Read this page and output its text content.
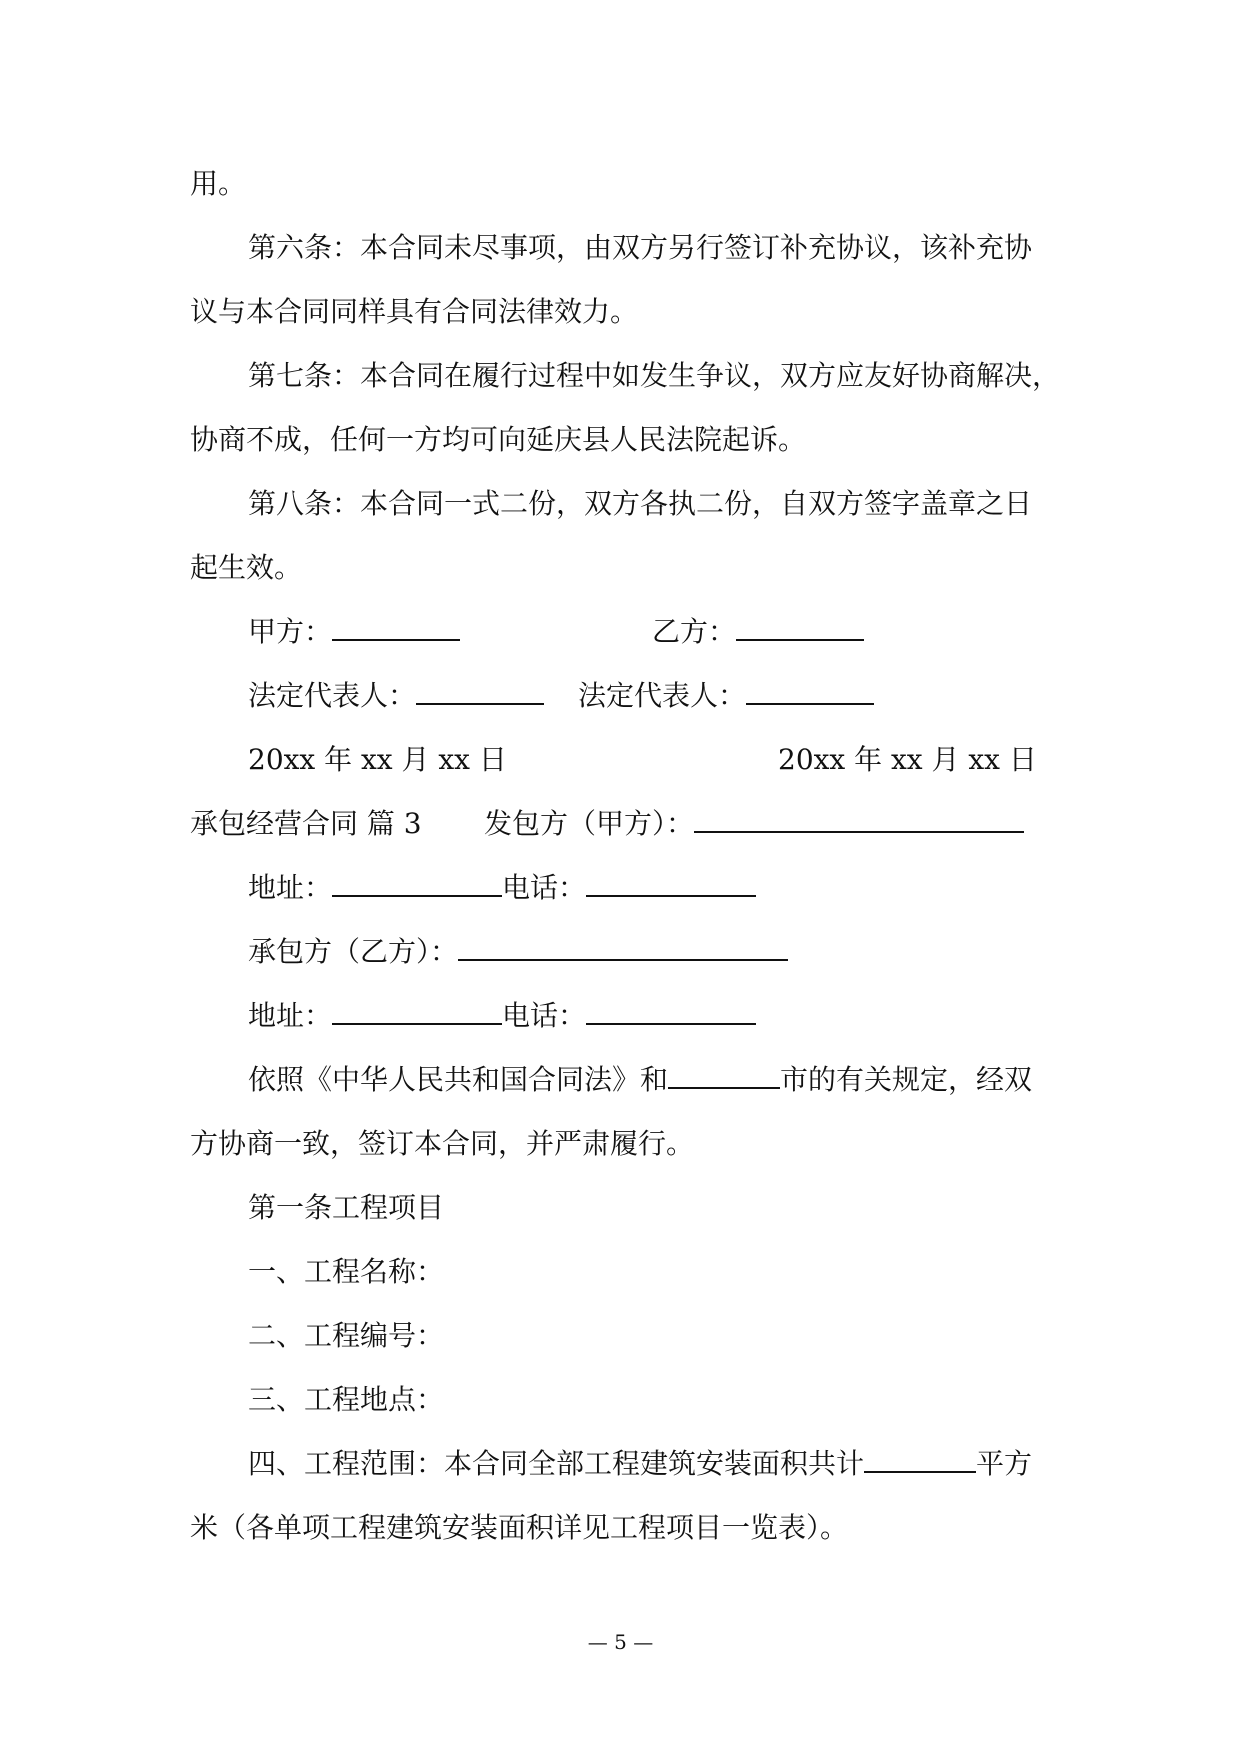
用。
第六条：本合同未尽事项，由双方另行签订补充协议，该补充协
议与本合同同样具有合同法律效力。
第七条：本合同在履行过程中如发生争议，双方应友好协商解决，
协商不成，任何一方均可向延庆县人民法院起诉。
第八条：本合同一式二份，双方各执二份，自双方签字盖章之日
起生效。
甲方：	乙方：
法定代表人：	法定代表人：
20xx 年 xx 月 xx 日	20xx 年 xx 月 xx 日
承包经营合同 篇 3 发包方（甲方）：
地址：	电话：
承包方（乙方）：
地址：	电话：
依照《中华人民共和国合同法》和	市的有关规定，经双
方协商一致，签订本合同，并严肃履行。
第一条工程项目
一、工程名称：
二、工程编号：
三、工程地点：
四、工程范围：本合同全部工程建筑安装面积共计	平方
米（各单项工程建筑安装面积详见工程项目一览表）。
— 5 —
